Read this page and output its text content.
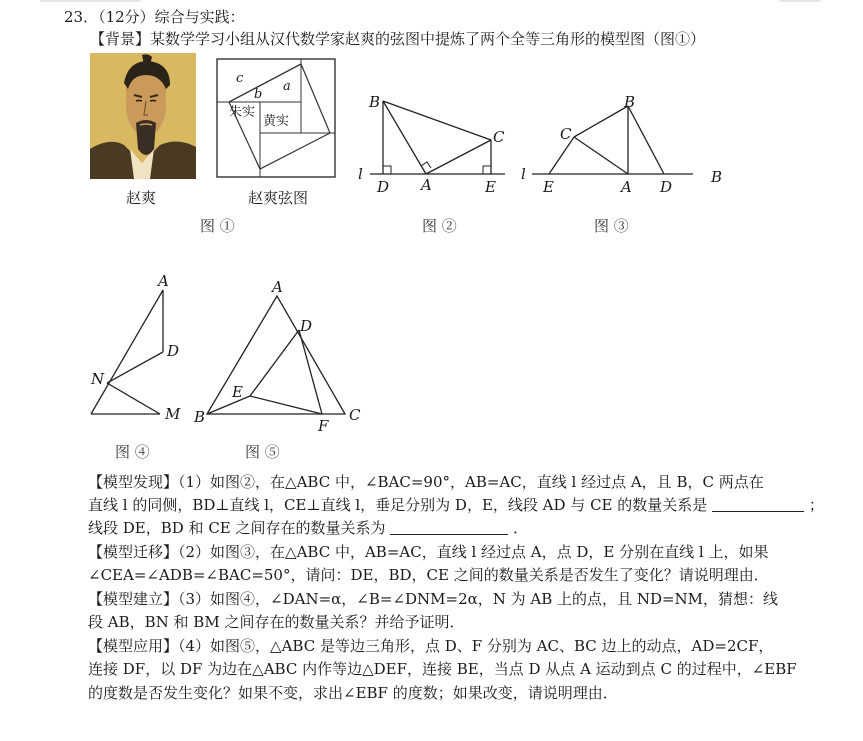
23．（12分）综合与实践：
【背景】某数学学习小组从汉代数学家赵爽的弦图中提炼了两个全等三角形的模型图（图①）
赵爽
c
b
a
朱实
黄实
赵爽弦图
图 ①
B
C
l
D A	E
图 ②
B
C
l
E	A D
B
图 ③
A
D
N
M
图 ④
A
D
E
B	F
C
图 ⑤
【模型发现】（1）如图②，在△ABC 中，∠BAC=90°，AB=AC，直线 l 经过点 A，且 B，C 两点在
直线 l 的同侧，BD⊥直线 l，CE⊥直线 l，垂足分别为 D，E，线段 AD 与 CE 的数量关系是	；
线段 DE，BD 和 CE 之间存在的数量关系为	．
【模型迁移】（2）如图③，在△ABC 中，AB=AC，直线 l 经过点 A，点 D，E 分别在直线 l 上，如果
∠CEA=∠ADB=∠BAC=50°，请问：DE，BD，CE 之间的数量关系是否发生了变化？请说明理由．
【模型建立】（3）如图④，∠DAN=α，∠B=∠DNM=2α，N 为 AB 上的点，且 ND=NM，猜想：线
段 AB，BN 和 BM 之间存在的数量关系？并给予证明．
【模型应用】（4）如图⑤，△ABC 是等边三角形，点 D、F 分别为 AC、BC 边上的动点，AD=2CF，
连接 DF，以 DF 为边在△ABC 内作等边△DEF，连接 BE，当点 D 从点 A 运动到点 C 的过程中，∠EBF
的度数是否发生变化？如果不变，求出∠EBF 的度数；如果改变，请说明理由．
